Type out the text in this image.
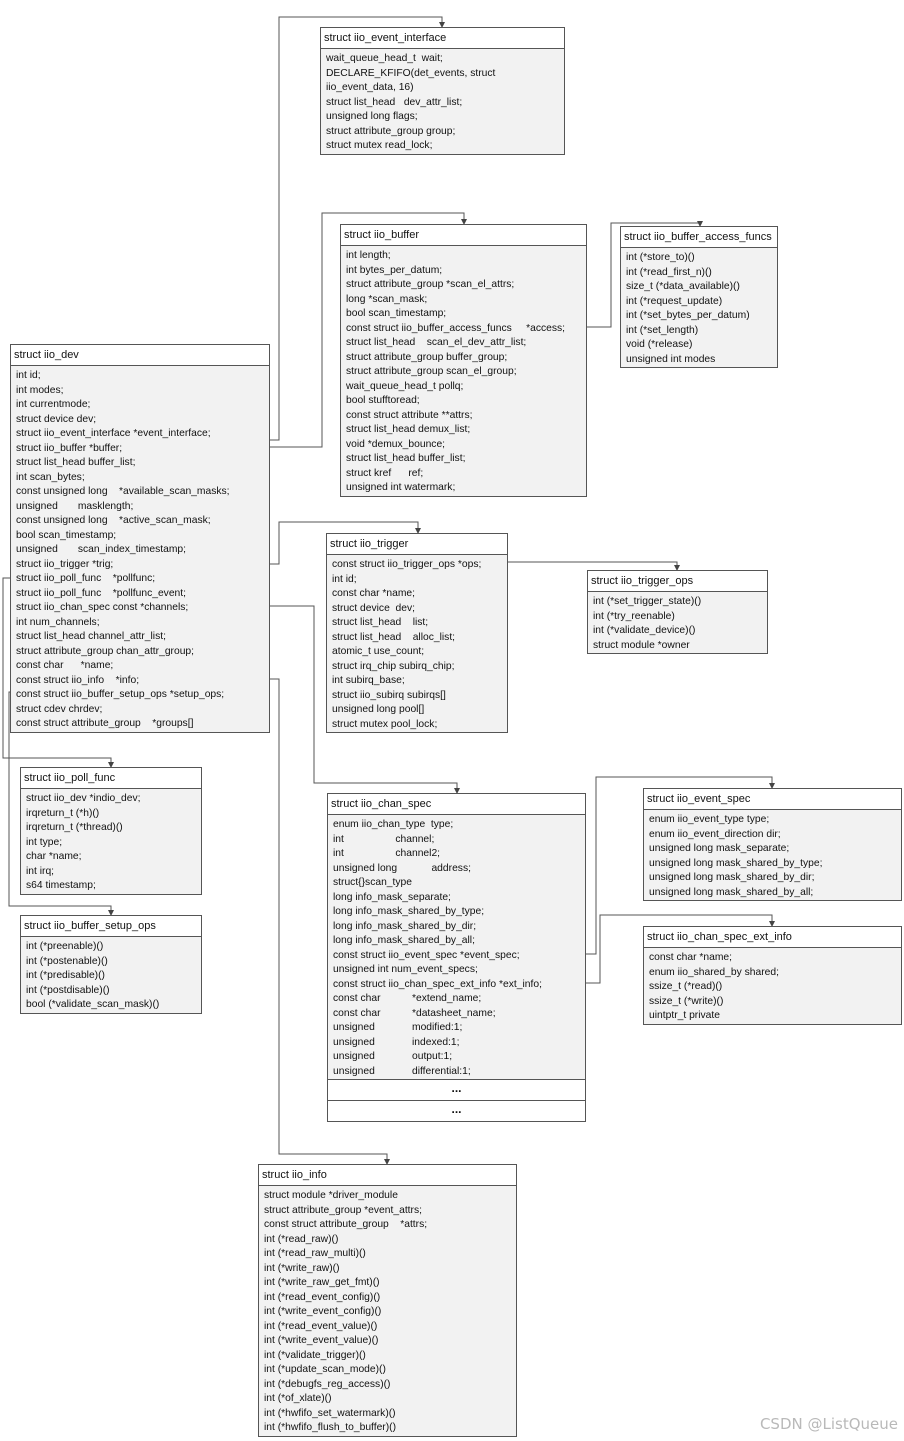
struct iio_dev
int id;
int modes;
int currentmode;
struct device dev;
struct iio_event_interface *event_interface;
struct iio_buffer *buffer;
struct list_head buffer_list;
int scan_bytes;
const unsigned long    *available_scan_masks;
unsigned       masklength;
const unsigned long    *active_scan_mask;
bool scan_timestamp;
unsigned       scan_index_timestamp;
struct iio_trigger *trig;
struct iio_poll_func    *pollfunc;
struct iio_poll_func    *pollfunc_event;
struct iio_chan_spec const *channels;
int num_channels;
struct list_head channel_attr_list;
struct attribute_group chan_attr_group;
const char      *name;
const struct iio_info    *info;
const struct iio_buffer_setup_ops *setup_ops;
struct cdev chrdev;
const struct attribute_group    *groups[]
struct iio_event_interface
wait_queue_head_t  wait;
DECLARE_KFIFO(det_events, struct
iio_event_data, 16)
struct list_head   dev_attr_list;
unsigned long flags;
struct attribute_group group;
struct mutex read_lock;
struct iio_buffer
int length;
int bytes_per_datum;
struct attribute_group *scan_el_attrs;
long *scan_mask;
bool scan_timestamp;
const struct iio_buffer_access_funcs     *access;
struct list_head    scan_el_dev_attr_list;
struct attribute_group buffer_group;
struct attribute_group scan_el_group;
wait_queue_head_t pollq;
bool stufftoread;
const struct attribute **attrs;
struct list_head demux_list;
void *demux_bounce;
struct list_head buffer_list;
struct kref      ref;
unsigned int watermark;
struct iio_buffer_access_funcs
int (*store_to)()
int (*read_first_n)()
size_t (*data_available)()
int (*request_update)
int (*set_bytes_per_datum)
int (*set_length)
void (*release)
unsigned int modes
struct iio_trigger
const struct iio_trigger_ops *ops;
int id;
const char *name;
struct device  dev;
struct list_head    list;
struct list_head    alloc_list;
atomic_t use_count;
struct irq_chip subirq_chip;
int subirq_base;
struct iio_subirq subirqs[]
unsigned long pool[]
struct mutex pool_lock;
struct iio_trigger_ops
int (*set_trigger_state)()
int (*try_reenable)
int (*validate_device)()
struct module *owner
struct iio_poll_func
struct iio_dev *indio_dev;
irqreturn_t (*h)()
irqreturn_t (*thread)()
int type;
char *name;
int irq;
s64 timestamp;
struct iio_buffer_setup_ops
int (*preenable)()
int (*postenable)()
int (*predisable)()
int (*postdisable)()
bool (*validate_scan_mask)()
struct iio_chan_spec
enum iio_chan_type  type;
int                  channel;
int                  channel2;
unsigned long            address;
struct{}scan_type
long info_mask_separate;
long info_mask_shared_by_type;
long info_mask_shared_by_dir;
long info_mask_shared_by_all;
const struct iio_event_spec *event_spec;
unsigned int num_event_specs;
const struct iio_chan_spec_ext_info *ext_info;
const char           *extend_name;
const char           *datasheet_name;
unsigned             modified:1;
unsigned             indexed:1;
unsigned             output:1;
unsigned             differential:1;
...
...
struct iio_event_spec
enum iio_event_type type;
enum iio_event_direction dir;
unsigned long mask_separate;
unsigned long mask_shared_by_type;
unsigned long mask_shared_by_dir;
unsigned long mask_shared_by_all;
struct iio_chan_spec_ext_info
const char *name;
enum iio_shared_by shared;
ssize_t (*read)()
ssize_t (*write)()
uintptr_t private
struct iio_info
struct module *driver_module
struct attribute_group *event_attrs;
const struct attribute_group    *attrs;
int (*read_raw)()
int (*read_raw_multi)()
int (*write_raw)()
int (*write_raw_get_fmt)()
int (*read_event_config)()
int (*write_event_config)()
int (*read_event_value)()
int (*write_event_value)()
int (*validate_trigger)()
int (*update_scan_mode)()
int (*debugfs_reg_access)()
int (*of_xlate)()
int (*hwfifo_set_watermark)()
int (*hwfifo_flush_to_buffer)()	CSDN @ListQueue
